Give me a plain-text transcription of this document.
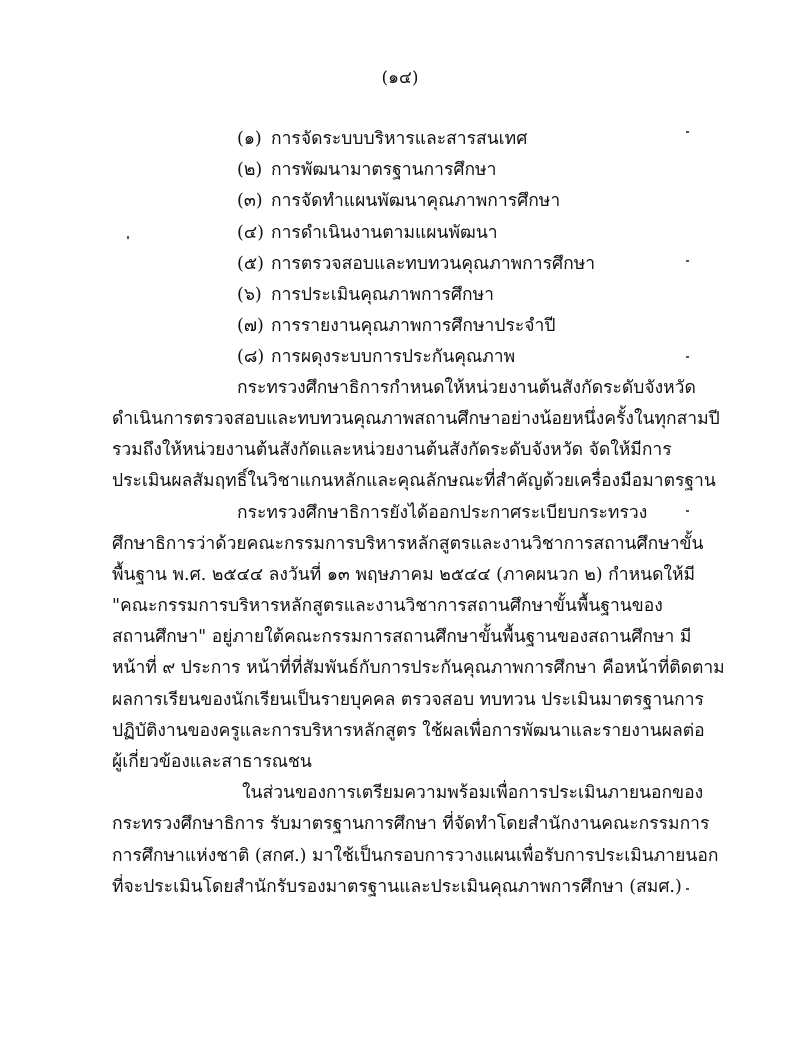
(๑๔)
(๑) การจัดระบบบริหารและสารสนเทศ
(๒) การพัฒนามาตรฐานการศึกษา
(๓) การจัดทำแผนพัฒนาคุณภาพการศึกษา
(๔) การดำเนินงานตามแผนพัฒนา
(๕) การตรวจสอบและทบทวนคุณภาพการศึกษา
(๖) การประเมินคุณภาพการศึกษา
(๗) การรายงานคุณภาพการศึกษาประจำปี
(๘) การผดุงระบบการประกันคุณภาพ
กระทรวงศึกษาธิการกำหนดให้หน่วยงานต้นสังกัดระดับจังหวัด
ดำเนินการตรวจสอบและทบทวนคุณภาพสถานศึกษาอย่างน้อยหนึ่งครั้งในทุกสามปี
รวมถึงให้หน่วยงานต้นสังกัดและหน่วยงานต้นสังกัดระดับจังหวัด จัดให้มีการ
ประเมินผลสัมฤทธิ์ในวิชาแกนหลักและคุณลักษณะที่สำคัญด้วยเครื่องมือมาตรฐาน
กระทรวงศึกษาธิการยังได้ออกประกาศระเบียบกระทรวง
ศึกษาธิการว่าด้วยคณะกรรมการบริหารหลักสูตรและงานวิชาการสถานศึกษาขั้น
พื้นฐาน พ.ศ. ๒๕๔๔ ลงวันที่ ๑๓ พฤษภาคม ๒๕๔๔ (ภาคผนวก ๒) กำหนดให้มี
"คณะกรรมการบริหารหลักสูตรและงานวิชาการสถานศึกษาขั้นพื้นฐานของ
สถานศึกษา" อยู่ภายใต้คณะกรรมการสถานศึกษาขั้นพื้นฐานของสถานศึกษา มี
หน้าที่ ๙ ประการ หน้าที่ที่สัมพันธ์กับการประกันคุณภาพการศึกษา คือหน้าที่ติดตาม
ผลการเรียนของนักเรียนเป็นรายบุคคล ตรวจสอบ ทบทวน ประเมินมาตรฐานการ
ปฏิบัติงานของครูและการบริหารหลักสูตร ใช้ผลเพื่อการพัฒนาและรายงานผลต่อ
ผู้เกี่ยวข้องและสาธารณชน
ในส่วนของการเตรียมความพร้อมเพื่อการประเมินภายนอกของ
กระทรวงศึกษาธิการ รับมาตรฐานการศึกษา ที่จัดทำโดยสำนักงานคณะกรรมการ
การศึกษาแห่งชาติ (สกศ.) มาใช้เป็นกรอบการวางแผนเพื่อรับการประเมินภายนอก
ที่จะประเมินโดยสำนักรับรองมาตรฐานและประเมินคุณภาพการศึกษา (สมศ.)
